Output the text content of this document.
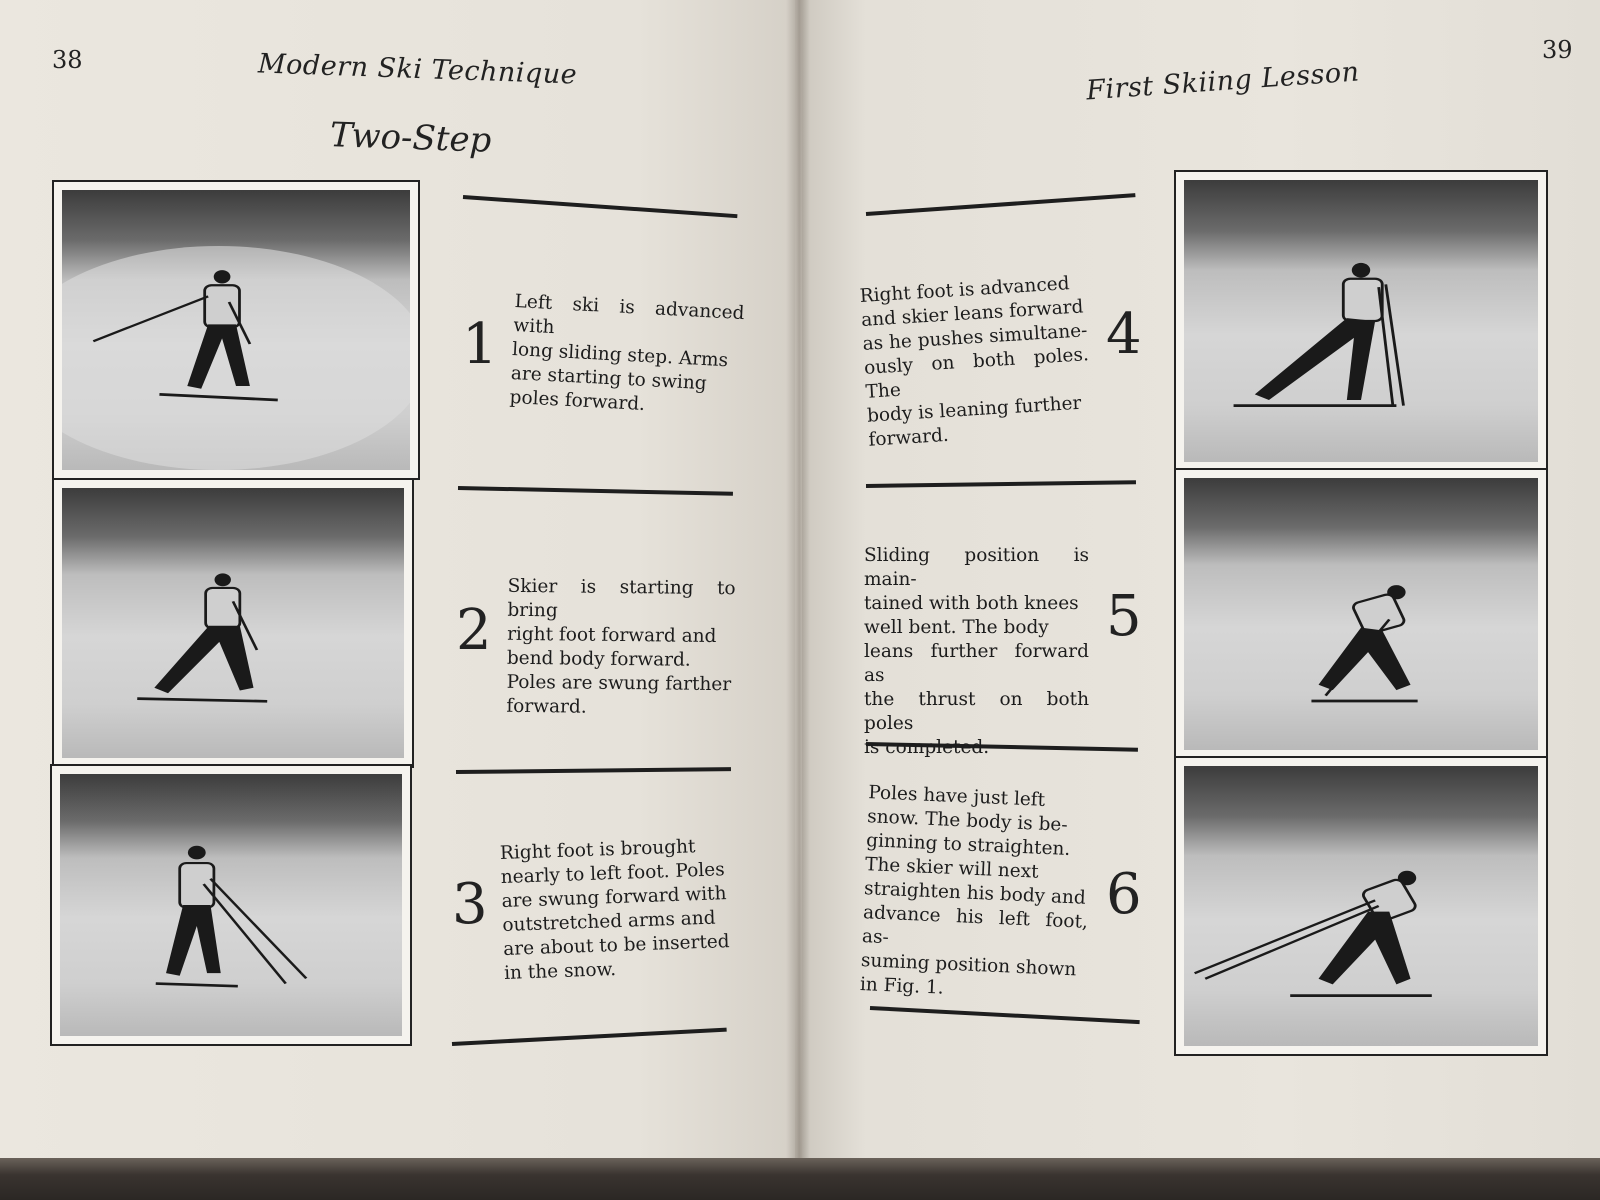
38	Modern Ski Technique
Two-Step
1
Left ski is advanced with
long sliding step. Arms
are starting to swing
poles forward.
2
Skier is starting to bring
right foot forward and
bend body forward.
Poles are swung farther
forward.
3
Right foot is brought
nearly to left foot. Poles
are swung forward with
outstretched arms and
are about to be inserted
in the snow.
39
First Skiing Lesson
Right foot is advanced
and skier leans forward
as he pushes simultane-
ously on both poles. The
body is leaning further
forward.
4
Sliding position is main-
tained with both knees
well bent. The body
leans further forward as
the thrust on both poles
is completed.
5
Poles have just left
snow. The body is be-
ginning to straighten.
The skier will next
straighten his body and
advance his left foot, as-
suming position shown
in Fig. 1.
6
